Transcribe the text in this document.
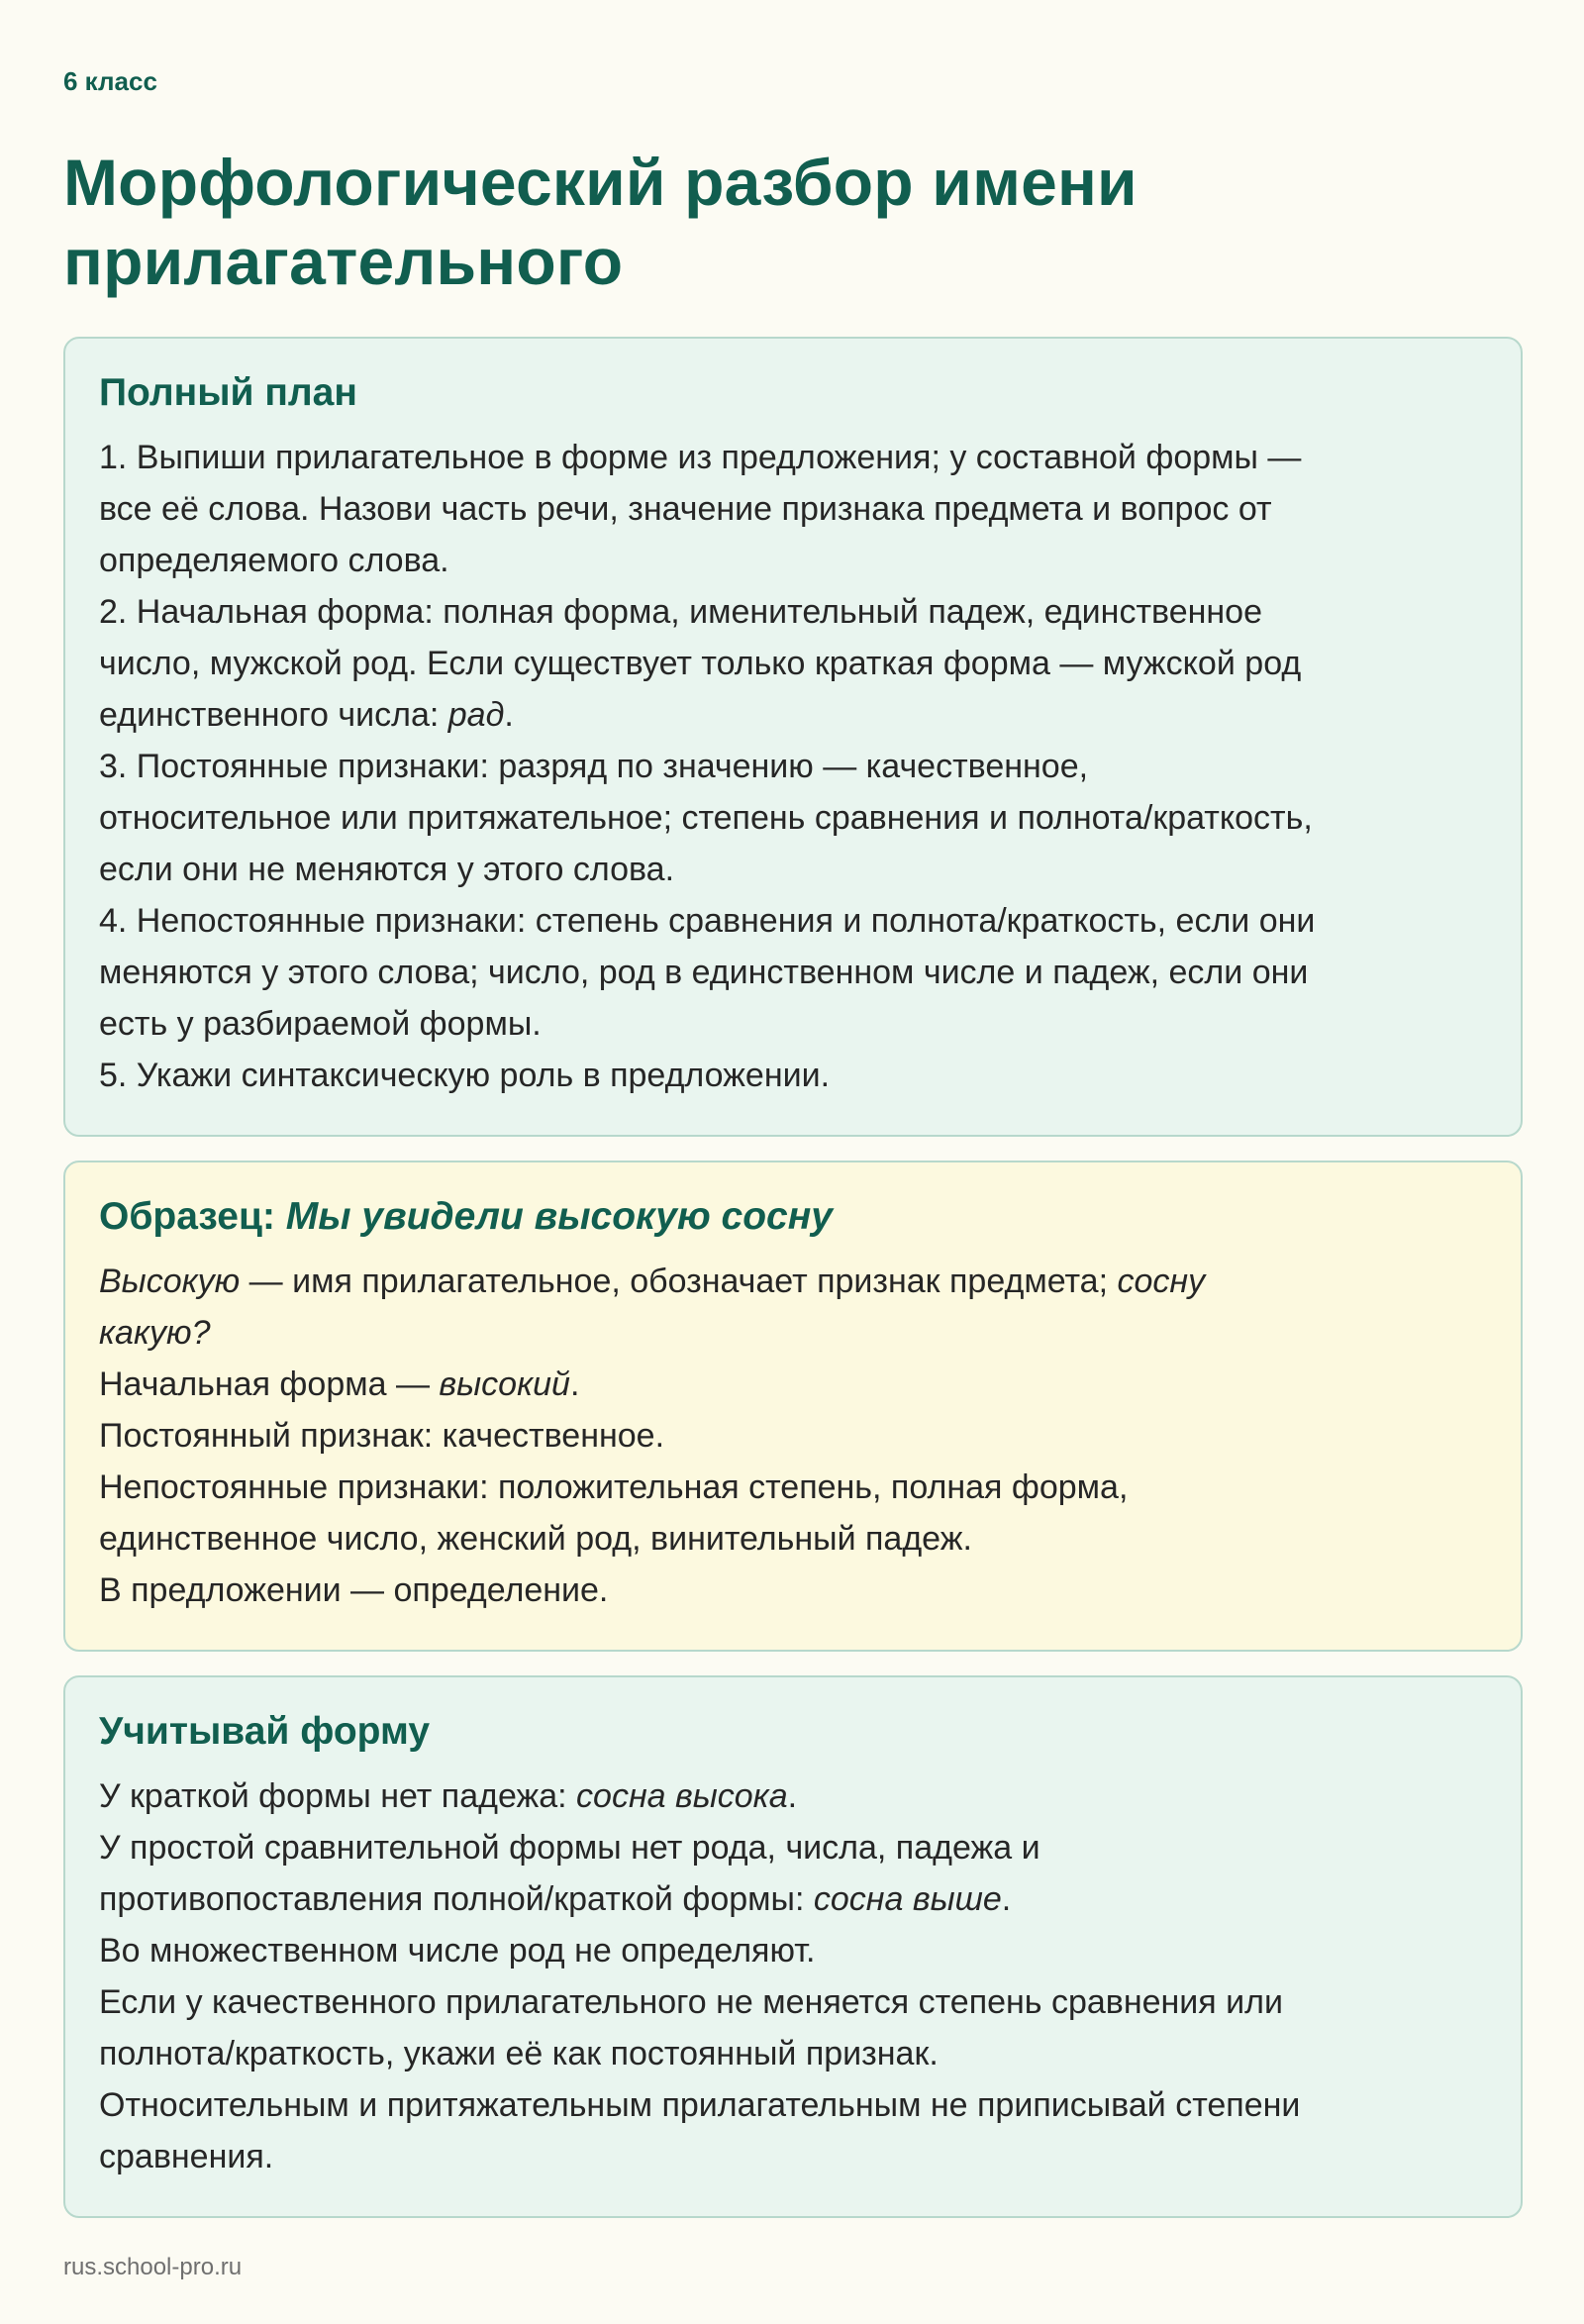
6 класс

Морфологический разбор имени
прилагательного
Полный план

1. Выпиши прилагательное в форме из предложения; у составной формы —

все её слова. Назови часть речи, значение признака предмета и вопрос от

определяемого слова.

2. Начальная форма: полная форма, именительный падеж, единственное

число, мужской род. Если существует только краткая форма — мужской род

единственного числа: рад.

3. Постоянные признаки: разряд по значению — качественное,

относительное или притяжательное; степень сравнения и полнота/краткость,

если они не меняются у этого слова.

4. Непостоянные признаки: степень сравнения и полнота/краткость, если они

меняются у этого слова; число, род в единственном числе и падеж, если они

есть у разбираемой формы.

5. Укажи синтаксическую роль в предложении.

Образец: Мы увидели высокую сосну

Высокую — имя прилагательное, обозначает признак предмета; сосну

какую?

Начальная форма — высокий.

Постоянный признак: качественное.

Непостоянные признаки: положительная степень, полная форма,

единственное число, женский род, винительный падеж.

В предложении — определение.

Учитывай форму

У краткой формы нет падежа: сосна высока.

У простой сравнительной формы нет рода, числа, падежа и

противопоставления полной/краткой формы: сосна выше.

Во множественном числе род не определяют.

Если у качественного прилагательного не меняется степень сравнения или

полнота/краткость, укажи её как постоянный признак.

Относительным и притяжательным прилагательным не приписывай степени

сравнения.

rus.school-pro.ru
